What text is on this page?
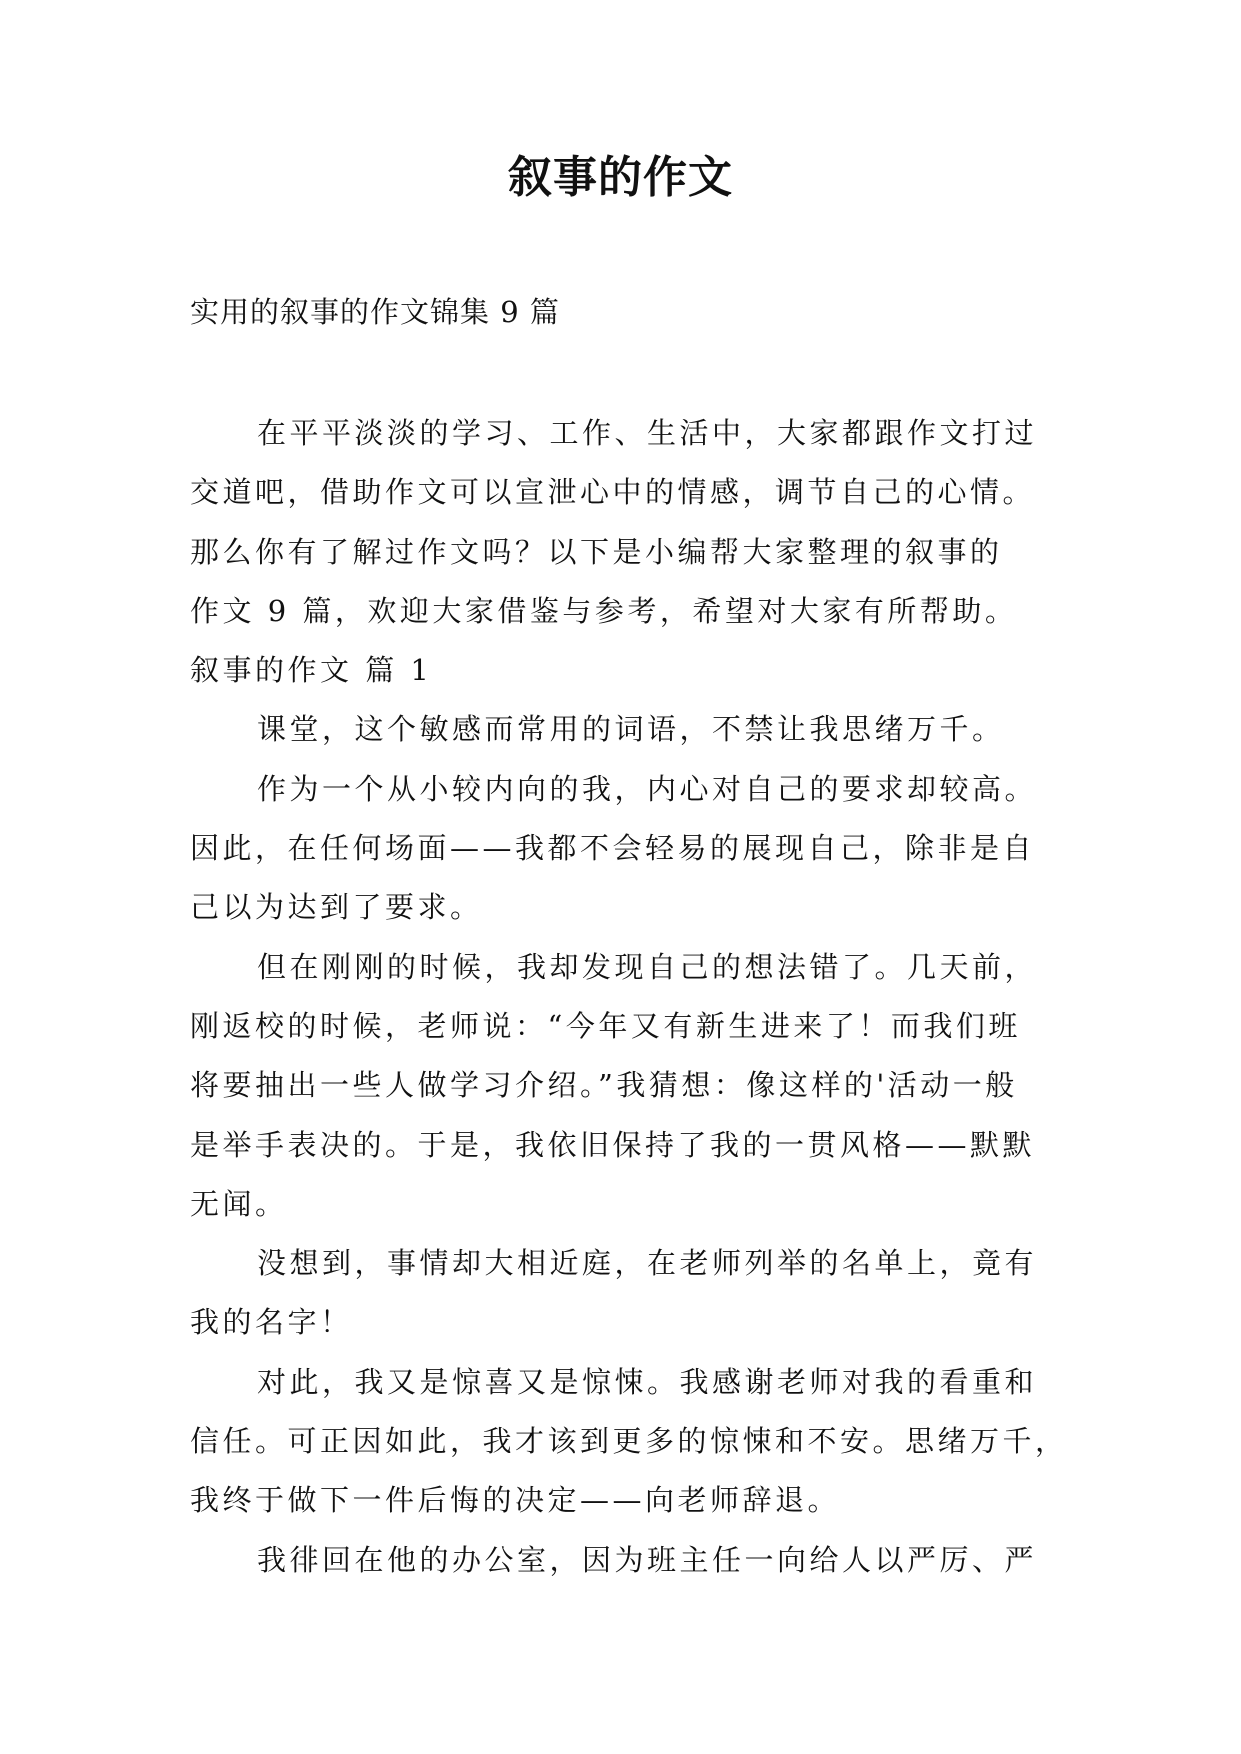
叙事的作文
实用的叙事的作文锦集 9 篇
在平平淡淡的学习、工作、生活中，大家都跟作文打过
交道吧，借助作文可以宣泄心中的情感，调节自己的心情。
那么你有了解过作文吗？以下是小编帮大家整理的叙事的
作文 9 篇，欢迎大家借鉴与参考，希望对大家有所帮助。
叙事的作文 篇 1
课堂，这个敏感而常用的词语，不禁让我思绪万千。
作为一个从小较内向的我，内心对自己的要求却较高。
因此，在任何场面——我都不会轻易的展现自己，除非是自
己以为达到了要求。
但在刚刚的时候，我却发现自己的想法错了。几天前，
刚返校的时候，老师说：“今年又有新生进来了！而我们班
将要抽出一些人做学习介绍。”我猜想：像这样的'活动一般
是举手表决的。于是，我依旧保持了我的一贯风格——默默
无闻。
没想到，事情却大相近庭，在老师列举的名单上，竟有
我的名字！
对此，我又是惊喜又是惊悚。我感谢老师对我的看重和
信任。可正因如此，我才该到更多的惊悚和不安。思绪万千，
我终于做下一件后悔的决定——向老师辞退。
我徘回在他的办公室，因为班主任一向给人以严厉、严
